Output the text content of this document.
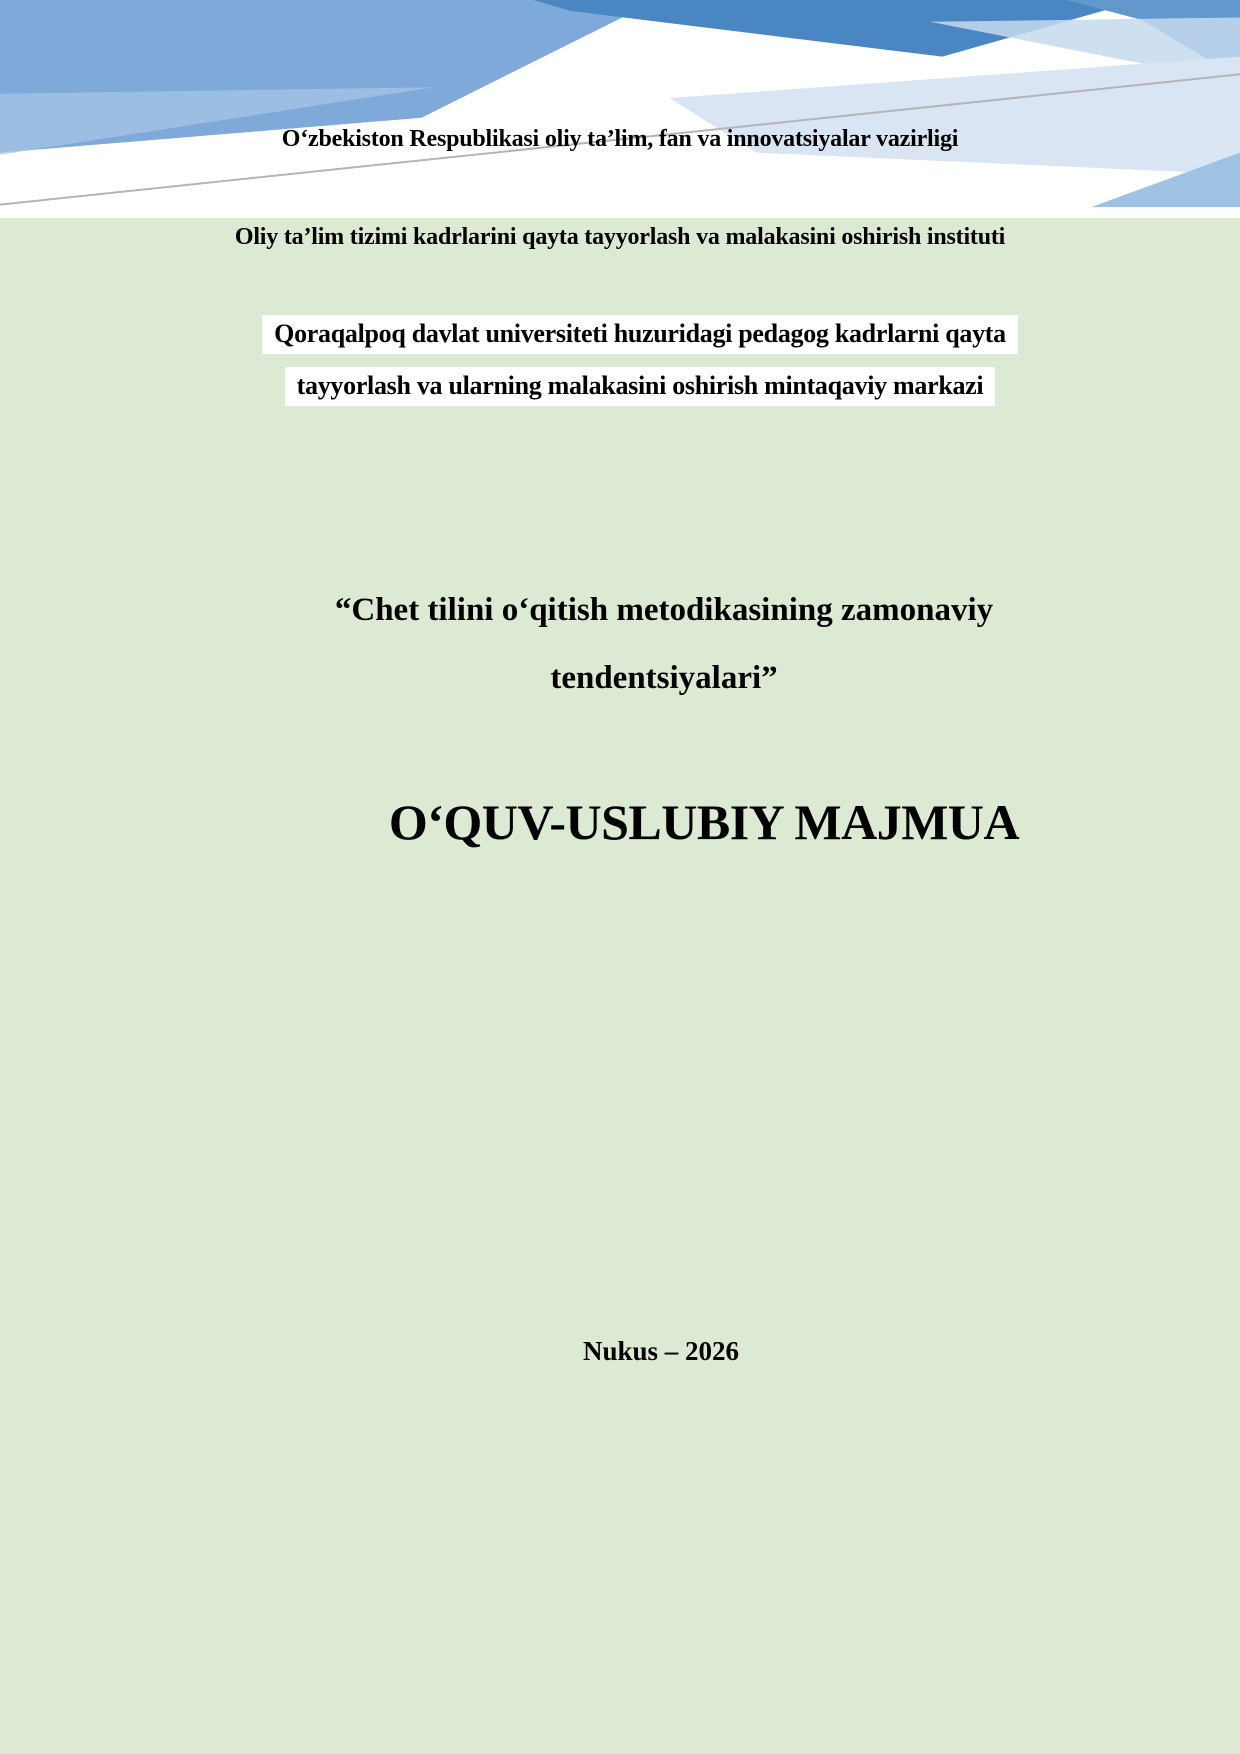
Oʻzbekiston Respublikasi oliy ta’lim, fan va innovatsiyalar vazirligi
Oliy ta’lim tizimi kadrlarini qayta tayyorlash va malakasini oshirish instituti
Qoraqalpoq davlat universiteti huzuridagi pedagog kadrlarni qayta
tayyorlash va ularning malakasini oshirish mintaqaviy markazi
“Chet tilini oʻqitish metodikasining zamonaviy
tendentsiyalari”
OʻQUV-USLUBIY MAJMUA
Nukus – 2026
